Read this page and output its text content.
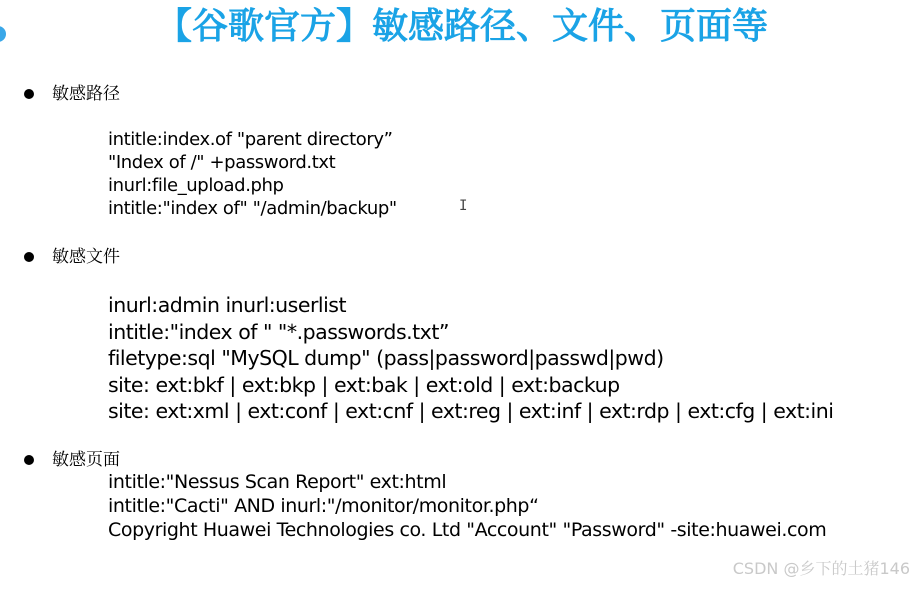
【谷歌官方】敏感路径、文件、页面等
敏感路径
intitle:index.of "parent directory”
"Index of /" +password.txt
inurl:file_upload.php
intitle:"index of" "/admin/backup"	I
敏感文件
inurl:admin inurl:userlist
intitle:"index of " "*.passwords.txt”
filetype:sql "MySQL dump" (pass|password|passwd|pwd)
site: ext:bkf | ext:bkp | ext:bak | ext:old | ext:backup
site: ext:xml | ext:conf | ext:cnf | ext:reg | ext:inf | ext:rdp | ext:cfg | ext:ini
敏感页面
intitle:"Nessus Scan Report" ext:html
intitle:"Cacti" AND inurl:"/monitor/monitor.php“
Copyright Huawei Technologies co. Ltd "Account" "Password" -site:huawei.com
CSDN @乡下的土猪146
